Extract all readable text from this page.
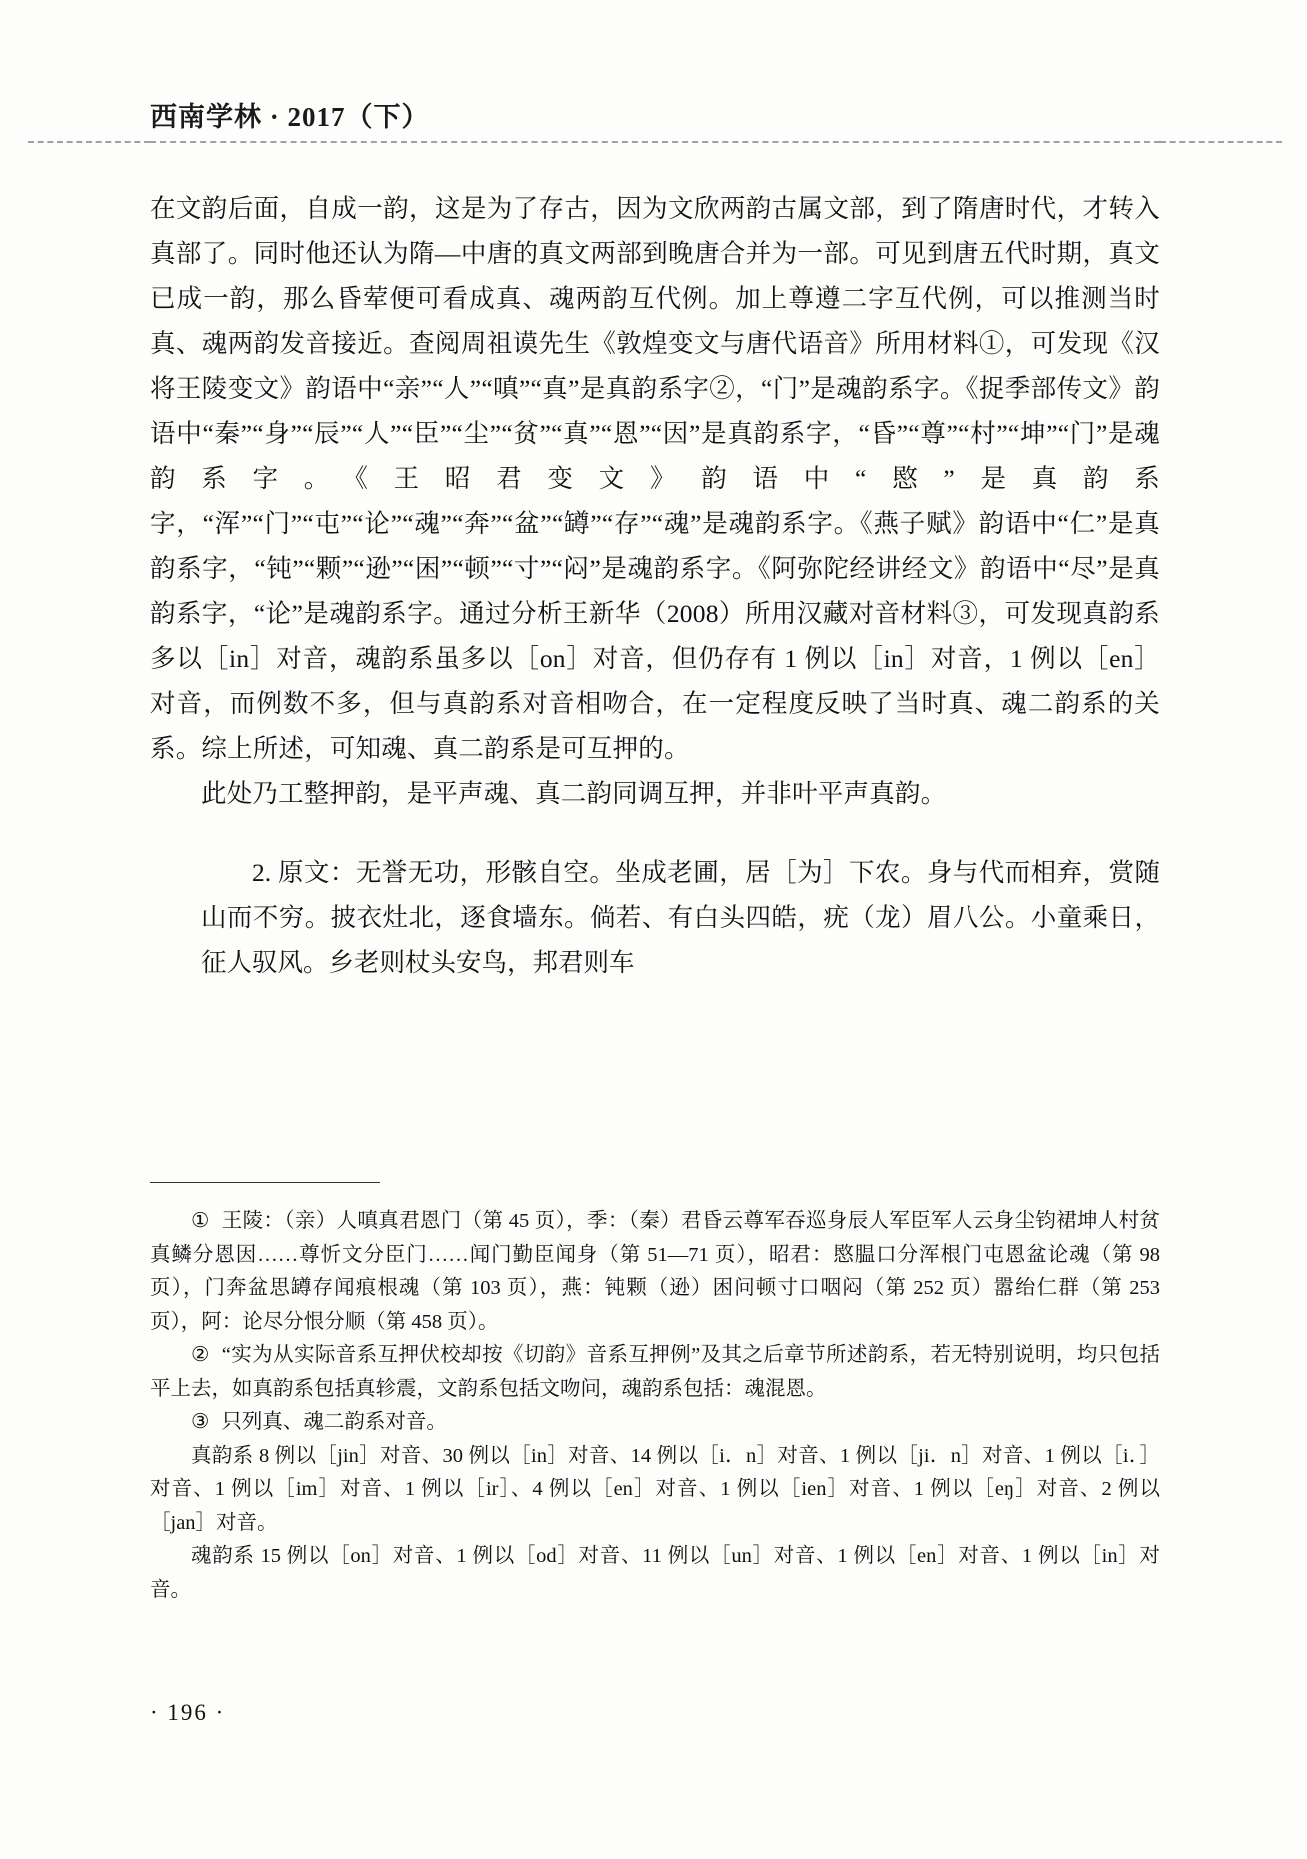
西南学林 · 2017（下）

在文韵后面，自成一韵，这是为了存古，因为文欣两韵古属文部，到了隋唐时代，才转入真部了。同时他还认为隋—中唐的真文两部到晚唐合并为一部。可见到唐五代时期，真文已成一韵，那么昏荤便可看成真、魂两韵互代例。加上尊遵二字互代例，可以推测当时真、魂两韵发音接近。查阅周祖谟先生《敦煌变文与唐代语音》所用材料①，可发现《汉将王陵变文》韵语中“亲”“人”“嗔”“真”是真韵系字②，“门”是魂韵系字。《捉季部传文》韵语中“秦”“身”“辰”“人”“臣”“尘”“贫”“真”“恩”“因”是真韵系字，“昏”“尊”“村”“坤”“门”是魂韵系字。《王昭君变文》韵语中“愍”是真韵系字，“浑”“门”“屯”“论”“魂”“奔”“盆”“罇”“存”“魂”是魂韵系字。《燕子赋》韵语中“仁”是真韵系字，“钝”“颗”“逊”“困”“顿”“寸”“闷”是魂韵系字。《阿弥陀经讲经文》韵语中“尽”是真韵系字，“论”是魂韵系字。通过分析王新华（2008）所用汉藏对音材料③，可发现真韵系多以［in］对音，魂韵系虽多以［on］对音，但仍存有 1 例以［in］对音，1 例以［en］对音，而例数不多，但与真韵系对音相吻合，在一定程度反映了当时真、魂二韵系的关系。综上所述，可知魂、真二韵系是可互押的。

此处乃工整押韵，是平声魂、真二韵同调互押，并非叶平声真韵。

2. 原文：无誉无功，形骸自空。坐成老圃，居［为］下农。身与代而相弃，赏随山而不穷。披衣灶北，逐食墙东。倘若、有白头四皓，疣（龙）眉八公。小童乘日，征人驭风。乡老则杖头安鸟，邦君则车

① 王陵：（亲）人嗔真君恩门（第 45 页），季：（秦）君昏云尊军吞巡身辰人军臣军人云身尘钧裙坤人村贫真鳞分恩因……尊忻文分臣门……闻门勤臣闻身（第 51—71 页），昭君：愍腽口分浑根门屯恩盆论魂（第 98 页），门奔盆思罇存闻痕根魂（第 103 页），燕：钝颗（逊）困问顿寸口咽闷（第 252 页）嚣绐仁群（第 253 页），阿：论尽分恨分顺（第 458 页）。

② “实为从实际音系互押伏校却按《切韵》音系互押例”及其之后章节所述韵系，若无特别说明，均只包括平上去，如真韵系包括真轸震，文韵系包括文吻问，魂韵系包括：魂混恩。

③ 只列真、魂二韵系对音。

真韵系 8 例以［jin］对音、30 例以［in］对音、14 例以［i．n］对音、1 例以［ji．n］对音、1 例以［i．］对音、1 例以［im］对音、1 例以［ir］、4 例以［en］对音、1 例以［ien］对音、1 例以［eŋ］对音、2 例以［jan］对音。

魂韵系 15 例以［on］对音、1 例以［od］对音、11 例以［un］对音、1 例以［en］对音、1 例以［in］对音。

· 196 ·
